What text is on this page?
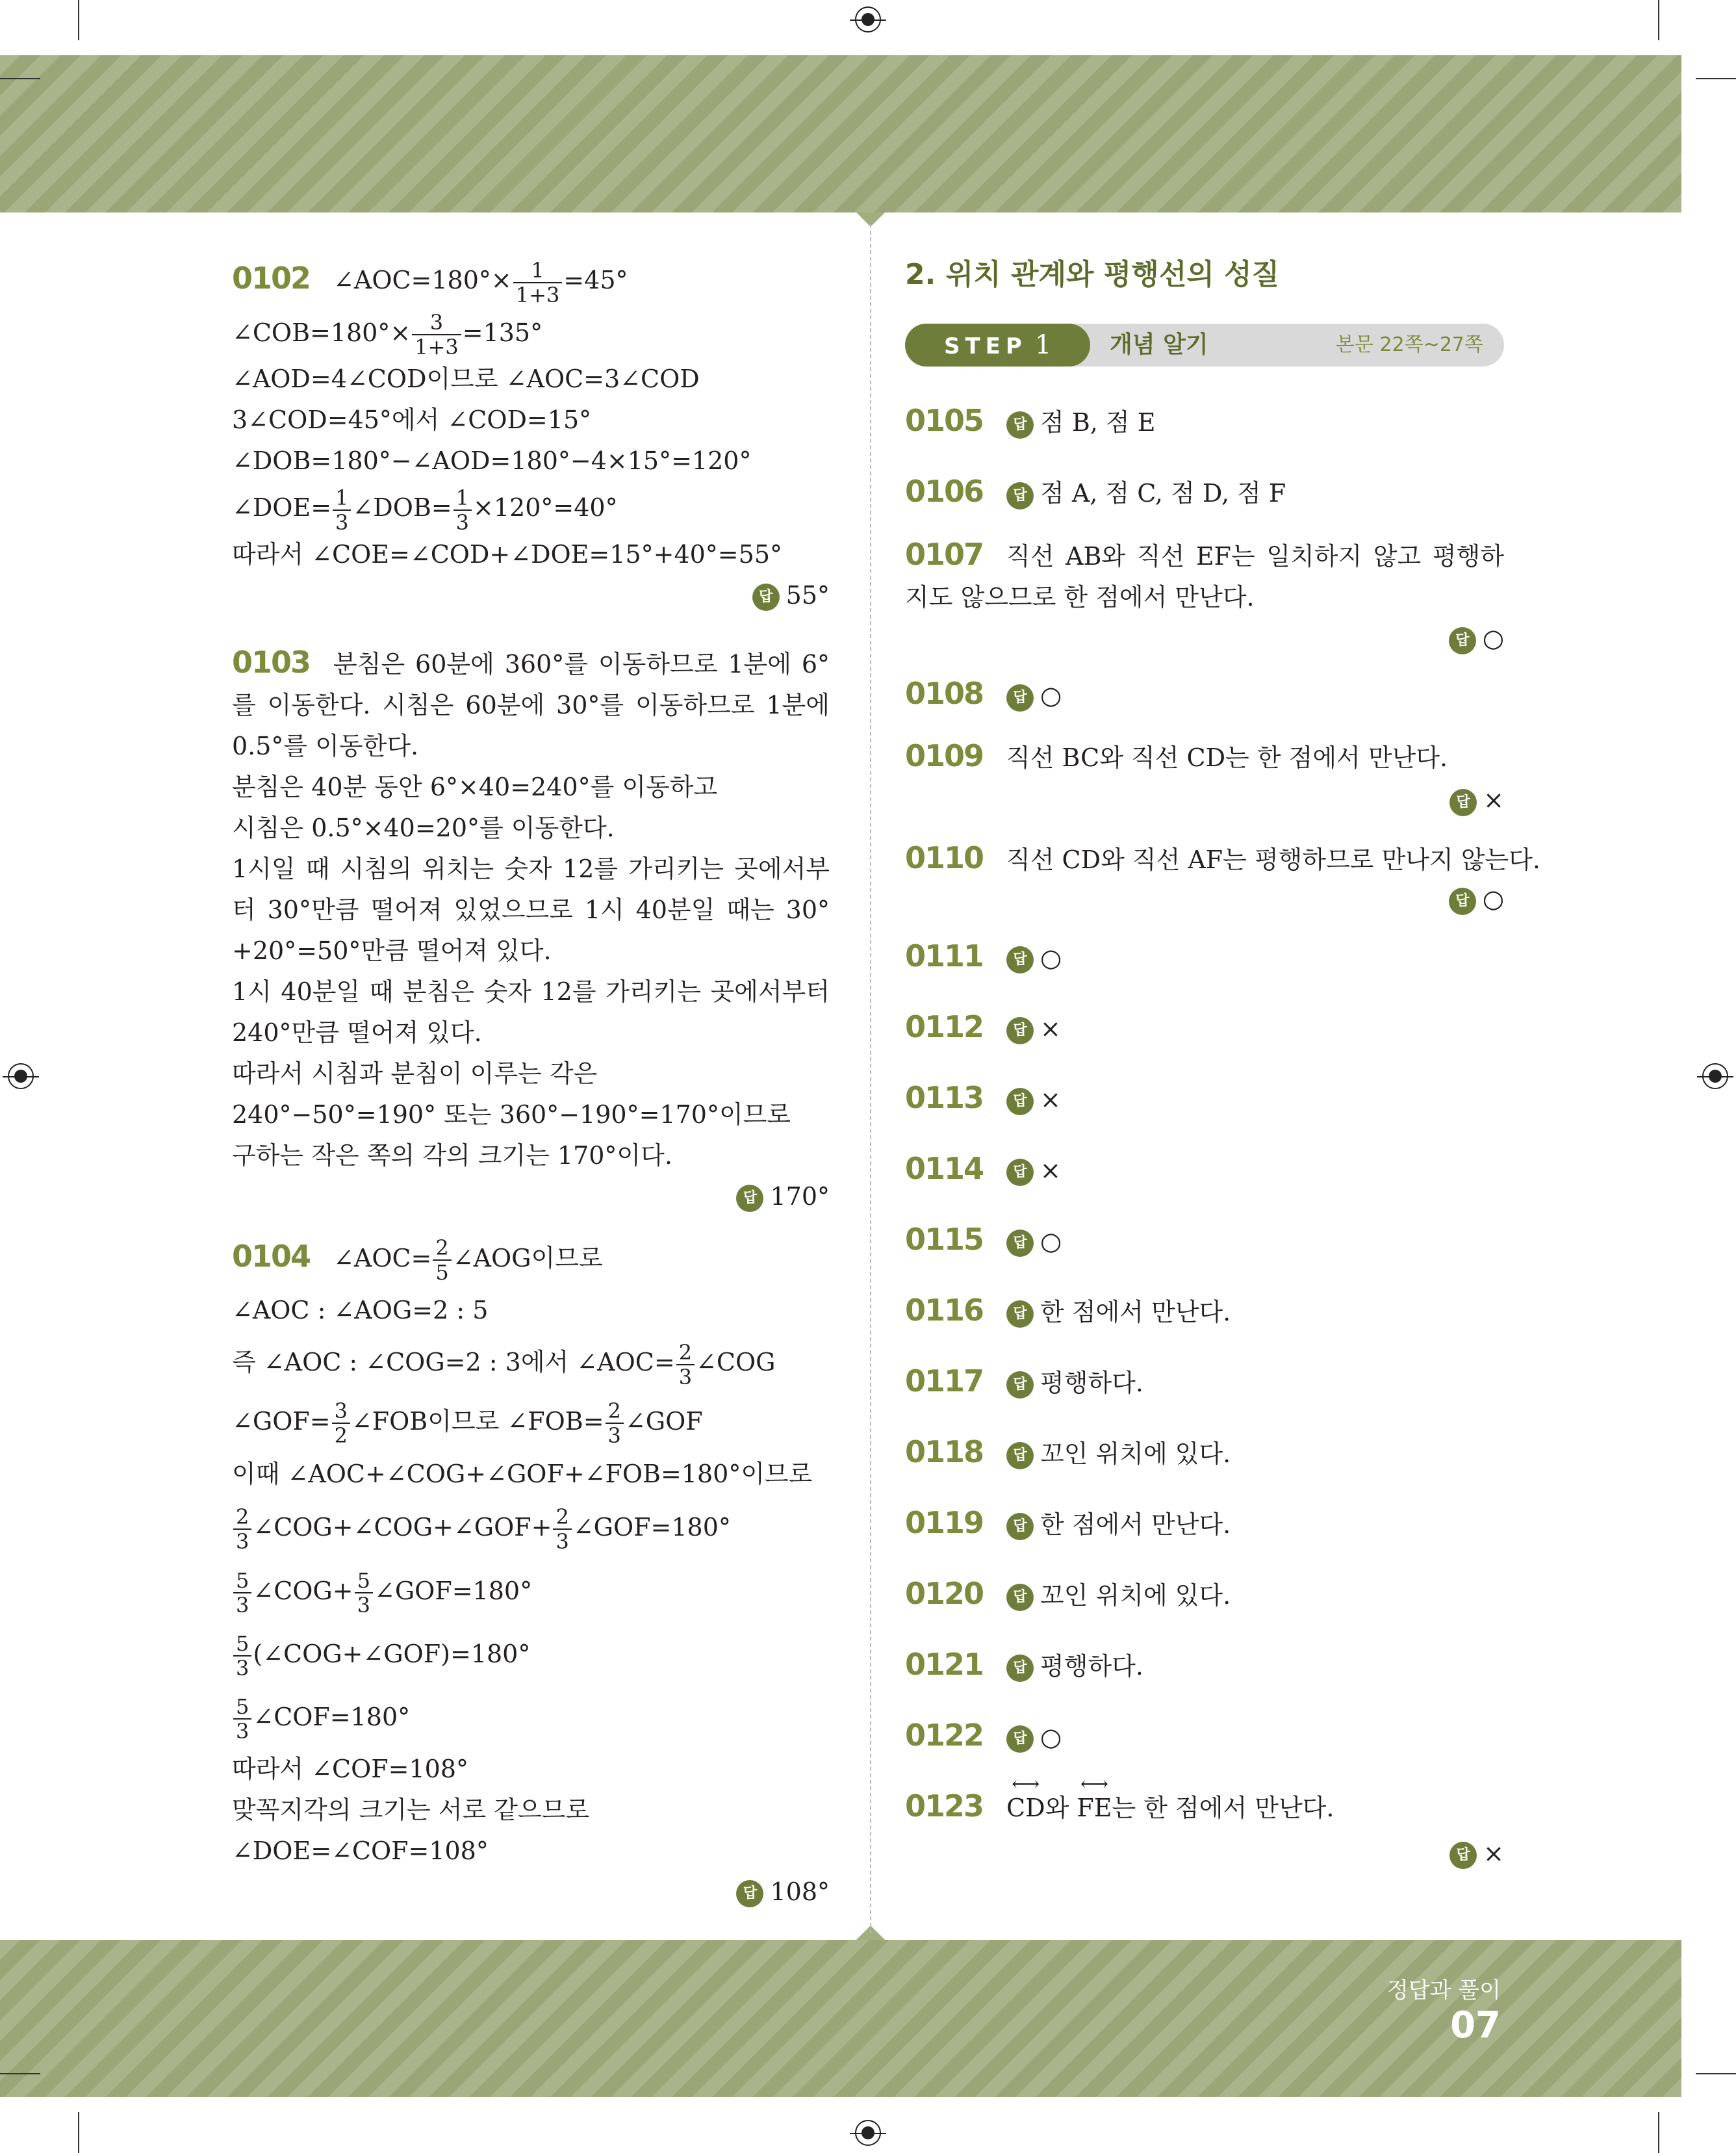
0102 ∠AOC=180°× $\frac{1}{1+3} =45^\circ$
∠COB=180°× $\frac{3}{1+3} =135^\circ$
∠AOD=4∠COD이므로 ∠AOC=3∠COD
3∠COD=45°에서 ∠COD=15°
∠DOB=180°−∠AOD=180°−4×15°=120°
∠DOE= $\frac{1}{3}$ ∠DOB= $\frac{1}{3} \times 120^\circ=40^\circ$
따라서 ∠COE=∠COD+∠DOE=15°+40°=55°
답 55°
0103 분침은 60분에 360°를 이동하므로 1분에 6°를 이동한다. 시침은 60분에 30°를 이동하므로 1분에 0.5°를 이동한다.
분침은 40분 동안 6°×40=240°를 이동하고
시침은 0.5°×40=20°를 이동한다.
1시일 때 시침의 위치는 숫자 12를 가리키는 곳에서부터 30°만큼 떨어져 있었으므로 1시 40분일 때는 30°+20°=50°만큼 떨어져 있다.
1시 40분일 때 분침은 숫자 12를 가리키는 곳에서부터 240°만큼 떨어져 있다.
따라서 시침과 분침이 이루는 각은
240°−50°=190° 또는 360°−190°=170°이므로
구하는 작은 쪽의 각의 크기는 170°이다.
답 170°
0104 ∠AOC= $\frac{2}{5}$ ∠AOG이므로
∠AOC : ∠AOG=2 : 5
즉 ∠AOC : ∠COG=2 : 3에서 ∠AOC= $\frac{2}{3}$ ∠COG
∠GOF= $\frac{3}{2}$ ∠FOB이므로 ∠FOB= $\frac{2}{3}$ ∠GOF
이때 ∠AOC+∠COG+∠GOF+∠FOB=180°이므로
$\frac{2}{3}$ ∠COG+∠COG+∠GOF+ $\frac{2}{3}$ ∠GOF=180°
$\frac{5}{3}$ ∠COG+ $\frac{5}{3}$ ∠GOF=180°
$\frac{5}{3}$ (∠COG+∠GOF)=180°
$\frac{5}{3}$ ∠COF=180°
따라서 ∠COF=108°
맞꼭지각의 크기는 서로 같으므로
∠DOE=∠COF=108°
답 108°
2. 위치 관계와 평행선의 성질
STEP 1	개념 알기	본문 22쪽~27쪽
0105 답 점 B, 점 E
0106 답 점 A, 점 C, 점 D, 점 F
0107 직선 AB와 직선 EF는 일치하지 않고 평행하지도 않으므로 한 점에서 만난다.
답 ○
0108 답 ○
0109 직선 BC와 직선 CD는 한 점에서 만난다.
답 ×
0110 직선 CD와 직선 AF는 평행하므로 만나지 않는다.
답 ○
0111 답 ○
0112 답 ×
0113 답 ×
0114 답 ×
0115 답 ○
0116 답 한 점에서 만난다.
0117 답 평행하다.
0118 답 꼬인 위치에 있다.
0119 답 한 점에서 만난다.
0120 답 꼬인 위치에 있다.
0121 답 평행하다.
0122 답 ○
0123⟷ CD와 ⟷ FE는 한 점에서 만난다.
답 ×
정답과 풀이07
